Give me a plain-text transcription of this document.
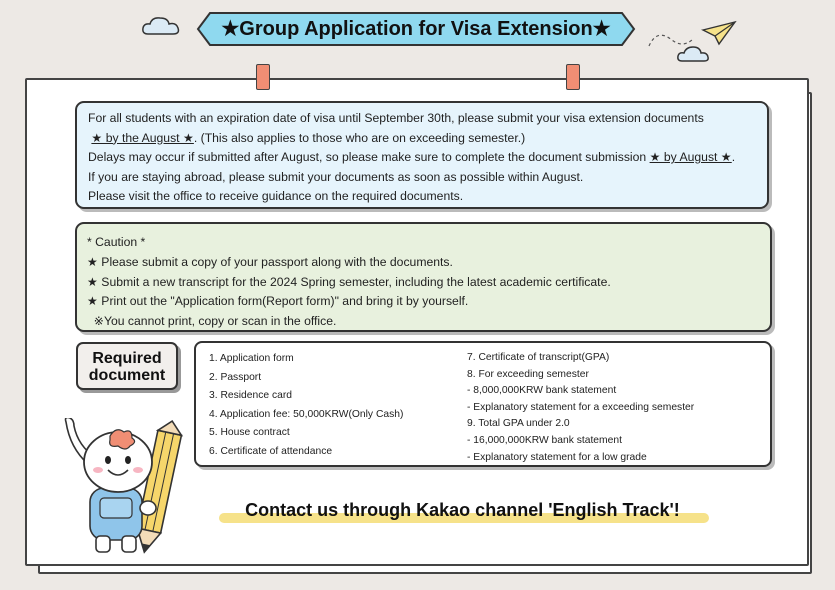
★Group Application for Visa Extension★
For all students with an expiration date of visa until September 30th, please submit your visa extension documents
★ by the August ★. (This also applies to those who are on exceeding semester.)
Delays may occur if submitted after August, so please make sure to complete the document submission ★ by August ★.
If you are staying abroad, please submit your documents as soon as possible within August.
Please visit the office to receive guidance on the required documents.
* Caution *
★ Please submit a copy of your passport along with the documents.
★ Submit a new transcript for the 2024 Spring semester, including the latest academic certificate.
★ Print out the "Application form(Report form)" and bring it by yourself.
※You cannot print, copy or scan in the office.
Required
document
1. Application form
2. Passport
3. Residence card
4. Application fee: 50,000KRW(Only Cash)
5. House contract
6. Certificate of attendance
7. Certificate of transcript(GPA)
8. For exceeding semester
- 8,000,000KRW bank statement
- Explanatory statement for a exceeding semester
9. Total GPA under 2.0
- 16,000,000KRW bank statement
- Explanatory statement for a low grade
Contact us through Kakao channel 'English Track'!
